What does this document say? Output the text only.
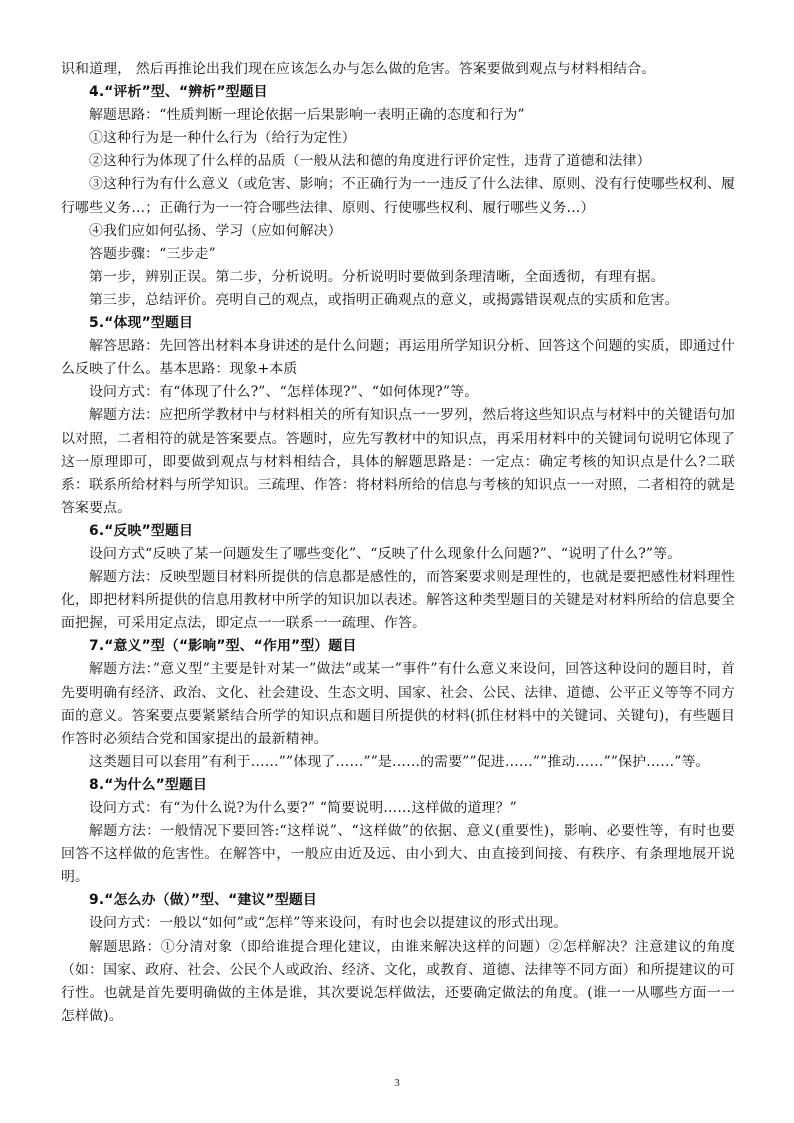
识和道理， 然后再推论出我们现在应该怎么办与怎么做的危害。答案要做到观点与材料相结合。

4.“评析”型、“辨析”型题目

解题思路：“性质判断一理论依据一后果影响一表明正确的态度和行为”

①这种行为是一种什么行为（给行为定性）

②这种行为体现了什么样的品质（一般从法和德的角度进行评价定性，违背了道德和法律）

③这种行为有什么意义（或危害、影响；不正确行为一一违反了什么法律、原则、没有行使哪些权利、履行哪些义务…；正确行为一一符合哪些法律、原则、行使哪些权利、履行哪些义务…）

④我们应如何弘扬、学习（应如何解决）

答题步骤：“三步走”

第一步，辨别正误。第二步，分析说明。分析说明时要做到条理清晰，全面透彻，有理有据。

第三步，总结评价。亮明自己的观点，或指明正确观点的意义，或揭露错误观点的实质和危害。

5.“体现”型题目

解答思路：先回答出材料本身讲述的是什么问题；再运用所学知识分析、回答这个问题的实质，即通过什么反映了什么。基本思路：现象+本质

设问方式：有“体现了什么?”、“怎样体现?”、“如何体现?”等。

解题方法：应把所学教材中与材料相关的所有知识点一一罗列，然后将这些知识点与材料中的关键语句加以对照，二者相符的就是答案要点。答题时，应先写教材中的知识点，再采用材料中的关键词句说明它体现了这一原理即可，即要做到观点与材料相结合，具体的解题思路是：一定点：确定考核的知识点是什么?二联系：联系所给材料与所学知识。三疏理、作答：将材料所给的信息与考核的知识点一一对照，二者相符的就是答案要点。

6.“反映”型题目

设问方式“反映了某一问题发生了哪些变化”、“反映了什么现象什么问题?”、“说明了什么?”等。

解题方法：反映型题目材料所提供的信息都是感性的，而答案要求则是理性的，也就是要把感性材料理性化，即把材料所提供的信息用教材中所学的知识加以表述。解答这种类型题目的关键是对材料所给的信息要全面把握，可采用定点法，即定点一一联系一一疏理、作答。

7.“意义”型（“影响”型、“作用”型）题目

解题方法：”意义型”主要是针对某一”做法”或某一”事件”有什么意义来设问，回答这种设问的题目时，首先要明确有经济、政治、文化、社会建设、生态文明、国家、社会、公民、法律、道德、公平正义等等不同方面的意义。答案要点要紧紧结合所学的知识点和题目所提供的材料(抓住材料中的关键词、关键句)，有些题目作答时必须结合党和国家提出的最新精神。

这类题目可以套用”有利于……””体现了……””是……的需要””促进……””推动……””保护……”等。

8.“为什么”型题目

设问方式：有“为什么说?为什么要?” “简要说明……这样做的道理？”

解题方法：一般情况下要回答:“这样说”、“这样做”的依据、意义(重要性)，影响、必要性等，有时也要回答不这样做的危害性。在解答中，一般应由近及远、由小到大、由直接到间接、有秩序、有条理地展开说明。

9.“怎么办（做）”型、“建议”型题目

设问方式：一般以“如何”或“怎样”等来设问，有时也会以提建议的形式出现。

解题思路：①分清对象（即给谁提合理化建议，由谁来解决这样的问题）②怎样解决？注意建议的角度（如：国家、政府、社会、公民个人或政治、经济、文化，或教育、道德、法律等不同方面）和所提建议的可行性。也就是首先要明确做的主体是谁，其次要说怎样做法，还要确定做法的角度。(谁一一从哪些方面一一怎样做)。

3
